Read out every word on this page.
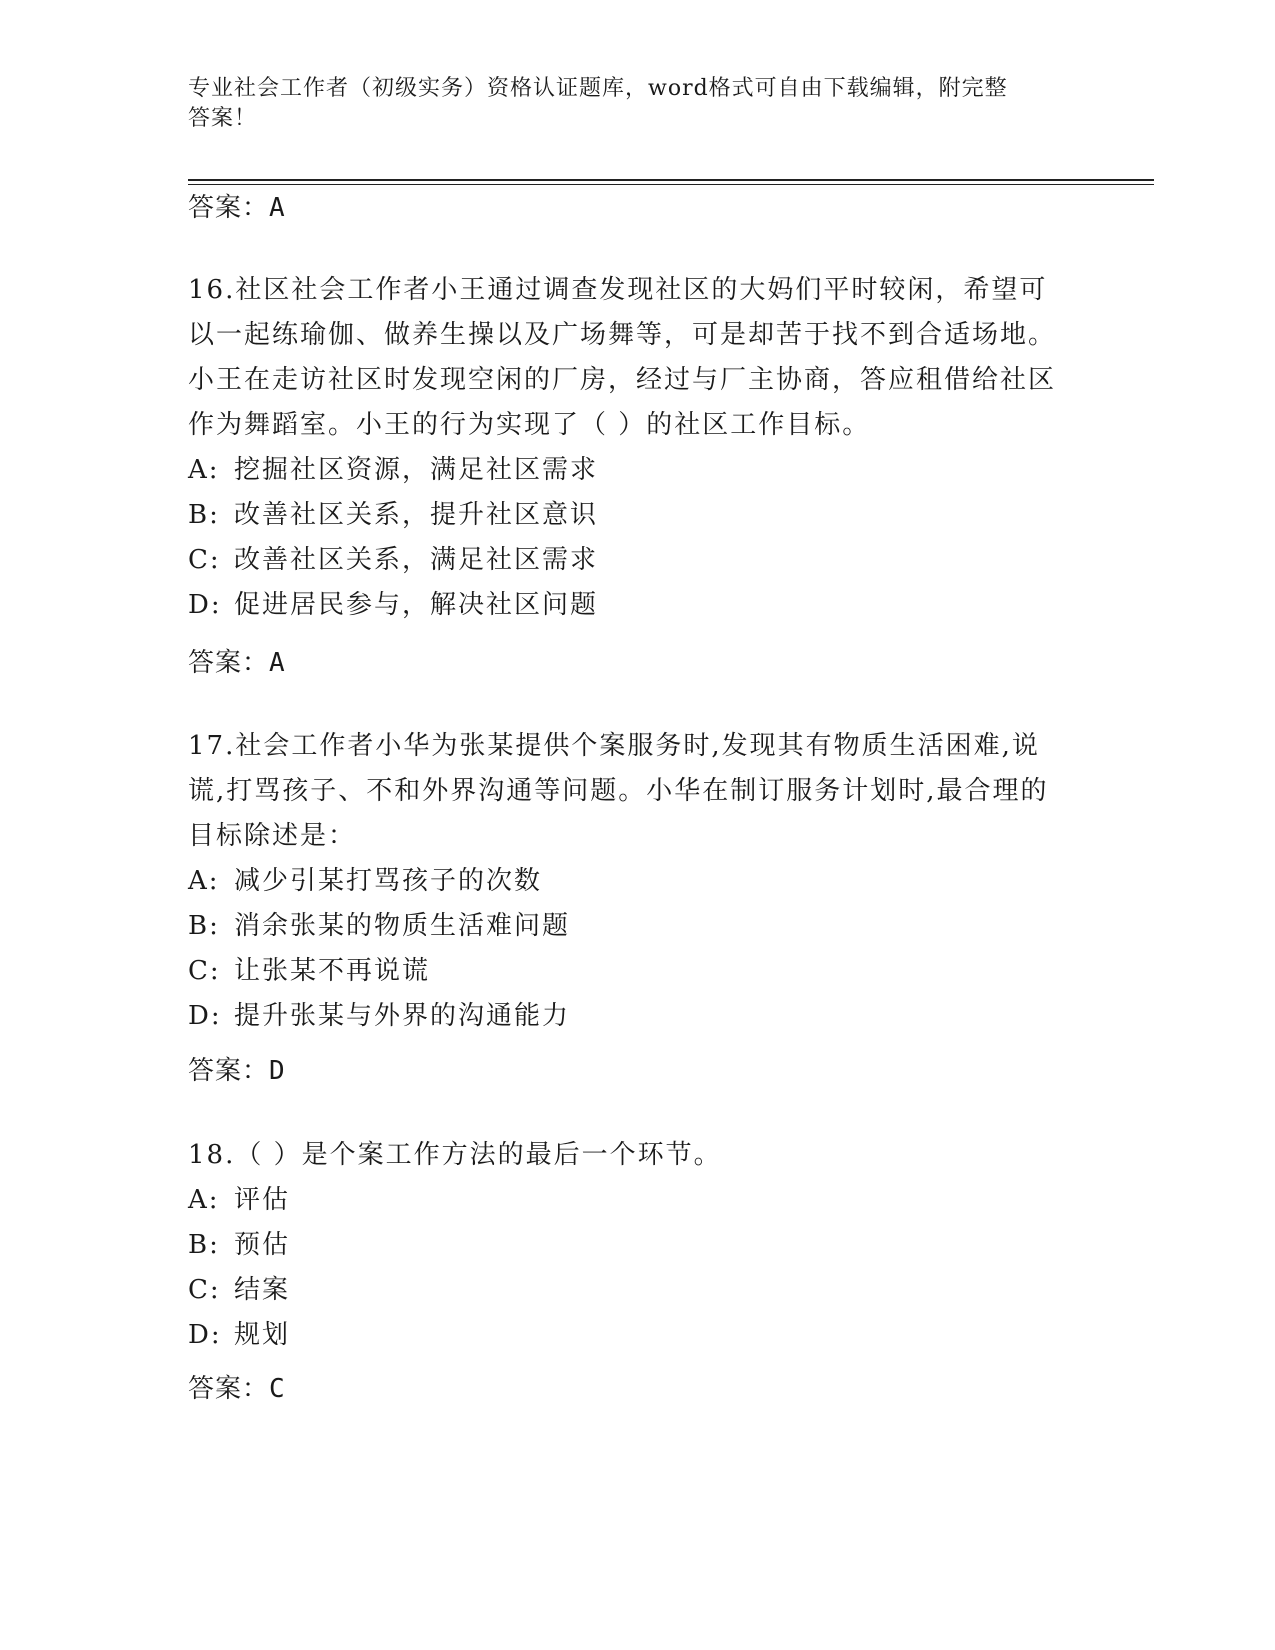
专业社会工作者（初级实务）资格认证题库，word格式可自由下载编辑，附完整
答案！
答案：A

16.社区社会工作者小王通过调查发现社区的大妈们平时较闲，希望可以一起练瑜伽、做养生操以及广场舞等，可是却苦于找不到合适场地。小王在走访社区时发现空闲的厂房，经过与厂主协商，答应租借给社区作为舞蹈室。小王的行为实现了（ ）的社区工作目标。

A: 挖掘社区资源，满足社区需求

B: 改善社区关系，提升社区意识

C: 改善社区关系，满足社区需求

D: 促进居民参与，解决社区问题

答案：A

17.社会工作者小华为张某提供个案服务时,发现其有物质生活困难,说谎,打骂孩子、不和外界沟通等问题。小华在制订服务计划时,最合理的目标除述是：

A: 减少引某打骂孩子的次数

B: 消余张某的物质生活难问题

C: 让张某不再说谎

D: 提升张某与外界的沟通能力

答案：D

18.（ ）是个案工作方法的最后一个环节。

A: 评估

B: 预估

C: 结案

D: 规划

答案：C
